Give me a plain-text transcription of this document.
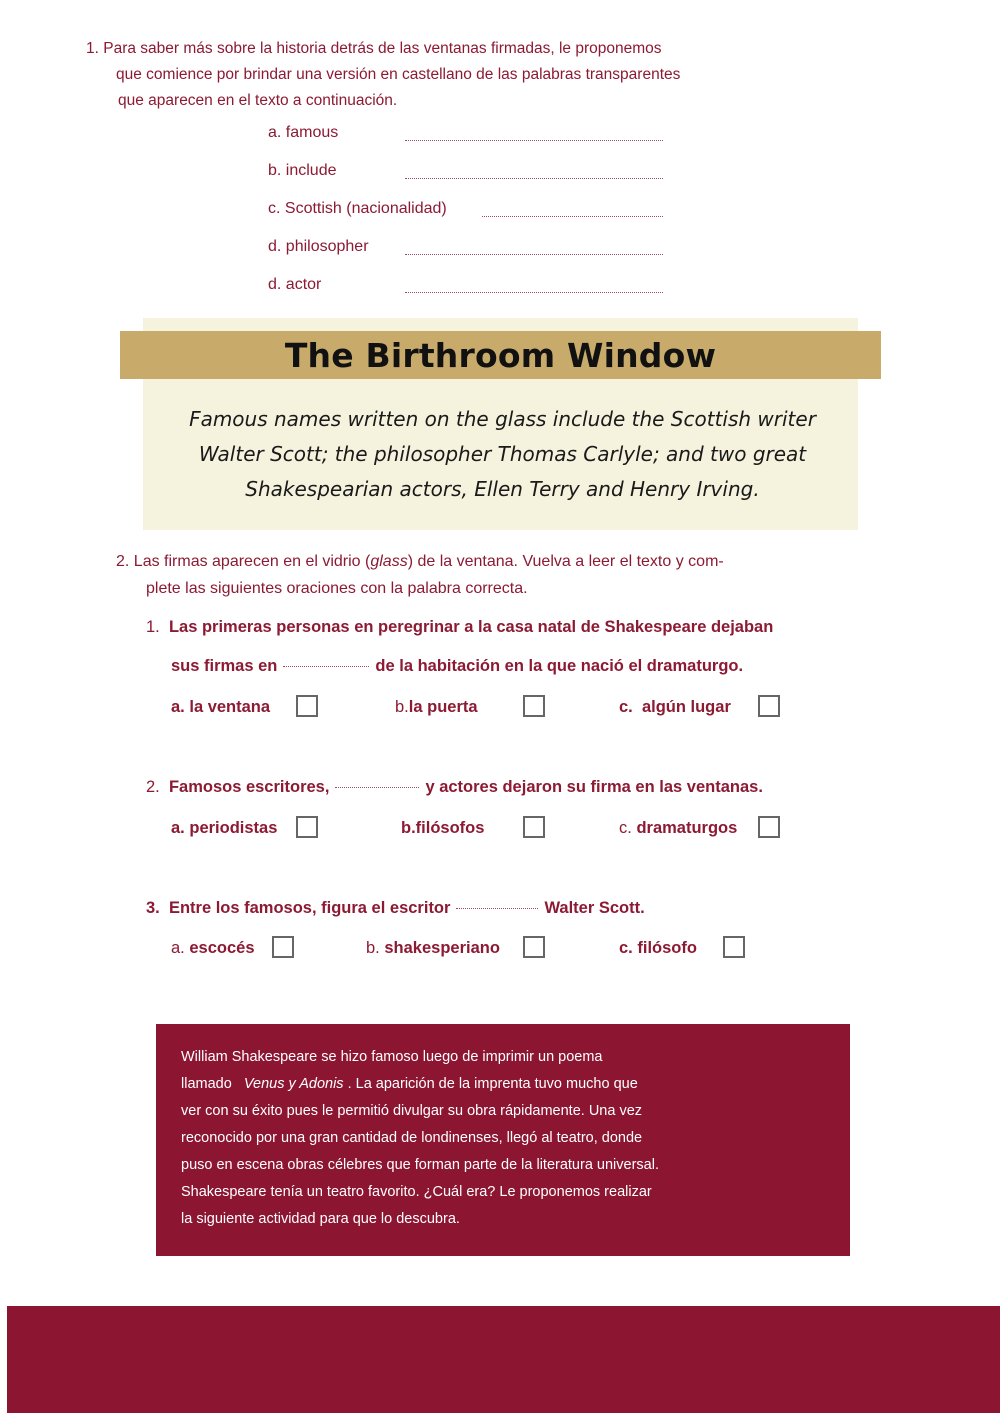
1. Para saber más sobre la historia detrás de las ventanas firmadas, le proponemos
que comience por brindar una versión en castellano de las palabras transparentes
que aparecen en el texto a continuación.
a. famous
b. include
c. Scottish (nacionalidad)
d. philosopher
d. actor
The Birthroom Window
Famous names written on the glass include the Scottish writer
Walter Scott; the philosopher Thomas Carlyle; and two great
Shakespearian actors, Ellen Terry and Henry Irving.
2. Las firmas aparecen en el vidrio (glass) de la ventana. Vuelva a leer el texto y com-
plete las siguientes oraciones con la palabra correcta.
1. Las primeras personas en peregrinar a la casa natal de Shakespeare dejaban
sus firmas en	de la habitación en la que nació el dramaturgo.
a. la ventana	b.la puerta	c. algún lugar
2. Famosos escritores,	y actores dejaron su firma en las ventanas.
a. periodistas	b.filósofos	c. dramaturgos
3. Entre los famosos, figura el escritor	Walter Scott.
a. escocés	b. shakesperiano	c. filósofo
William Shakespeare se hizo famoso luego de imprimir un poema
llamado Venus y Adonis . La aparición de la imprenta tuvo mucho que
ver con su éxito pues le permitió divulgar su obra rápidamente. Una vez
reconocido por una gran cantidad de londinenses, llegó al teatro, donde
puso en escena obras célebres que forman parte de la literatura universal.
Shakespeare tenía un teatro favorito. ¿Cuál era? Le proponemos realizar
la siguiente actividad para que lo descubra.
